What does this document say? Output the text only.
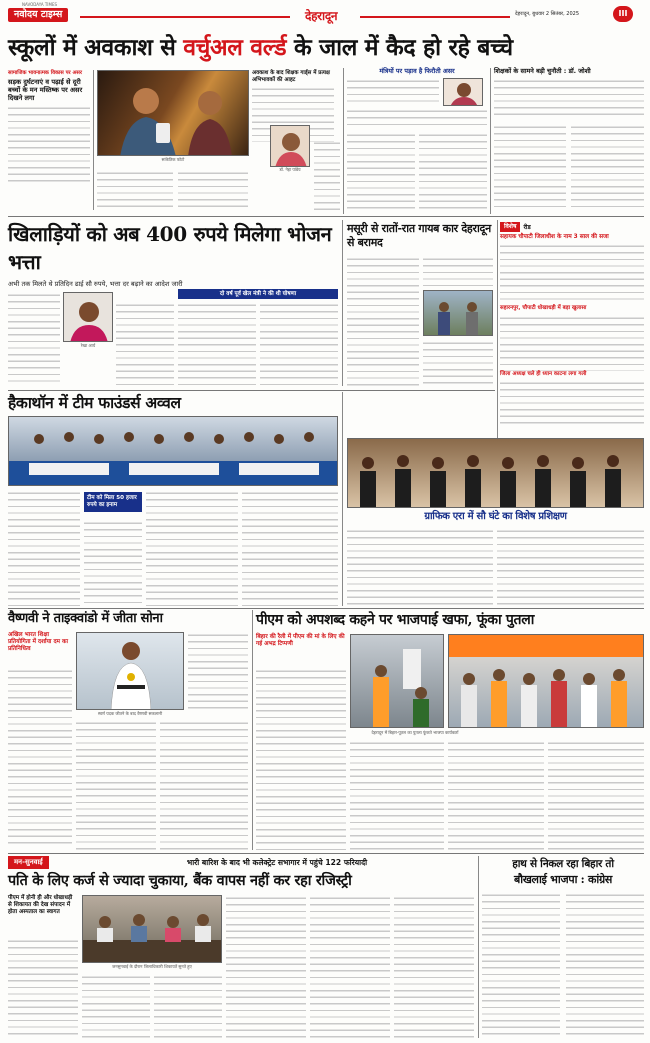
NAVODAYA TIMES
नवोदय टाइम्स	देहरादून	देहरादून, बुधवार 2 सितंबर, 2025	III
स्कूलों में अवकाश से वर्चुअल वर्ल्ड के जाल में कैद हो रहे बच्चे
सामाजिक भावनात्मक विकास पर असर
सड़क दुर्घटनाएं व पढ़ाई से दूरी बच्चों के मन मस्तिष्क पर असर दिखने लगा
सांकेतिक फोटो
अवकाश के बाद शिक्षक गार्ड्स में प्रत्यक्ष अभिभावकों की आहट
डॉ. नेहा पांडेय
मंत्रियों पर पड़ाव है फिरौती असर	शिक्षकों के सामने बड़ी चुनौती : डॉ. जोशी
खिलाड़ियों को अब 400 रुपये मिलेगा भोजन भत्ता
अभी तक मिलते थे प्रतिदिन ढाई सौ रुपये, भत्ता दर बढ़ाने का आदेश जारी
दो वर्ष पूर्व खेल मंत्री ने की थी घोषणा
रेखा आर्य
मसूरी से रातों-रात गायब कार देहरादून से बरामद
विशेष	रीड
सहायक चौपाटी जिलाधीश के नाम 3 साल की सजा
सहारनपुर, चौपाटी धोखाधड़ी में बड़ा खुलासा
जिला अध्यक्ष चले ही ध्यान काटना लगा गली
हैकाथॉन में टीम फाउंडर्स अव्वल
टीम को मिला 50 हजार रुपये का इनाम
ग्राफिक एरा में सौ घंटे का विशेष प्रशिक्षण
वैष्णवी ने ताइक्वांडो में जीता सोना
अखिल भारत शिक्षा प्रतियोगिता में दर्शाया दम का प्रतिनिधित्व
स्वर्ण पदक जीतने के बाद वैष्णवी सकलानी
पीएम को अपशब्द कहने पर भाजपाई खफा, फूंका पुतला
बिहार की रैली में पीएम की मां के लिए की गई अभद्र टिप्पणी
देहरादून में बिहार-पूतल का पुतला फूंकते भाजपा कार्यकर्ता
मन-सुनवाई	भारी बारिश के बाद भी कलेक्ट्रेट सभागार में पहुंचे 122 फरियादी
पति के लिए कर्ज से ज्यादा चुकाया, बैंक वापस नहीं कर रहा रजिस्ट्री
पीएम में होनी ही और धोखाधड़ी से शिकायत की देख संपादन में होता अस्पताल का स्वागत
जनसुनवाई के दौरान जिलाधिकारी शिकायतें सुनते हुए
हाथ से निकल रहा बिहार तो
बौखलाई भाजपा : कांग्रेस
